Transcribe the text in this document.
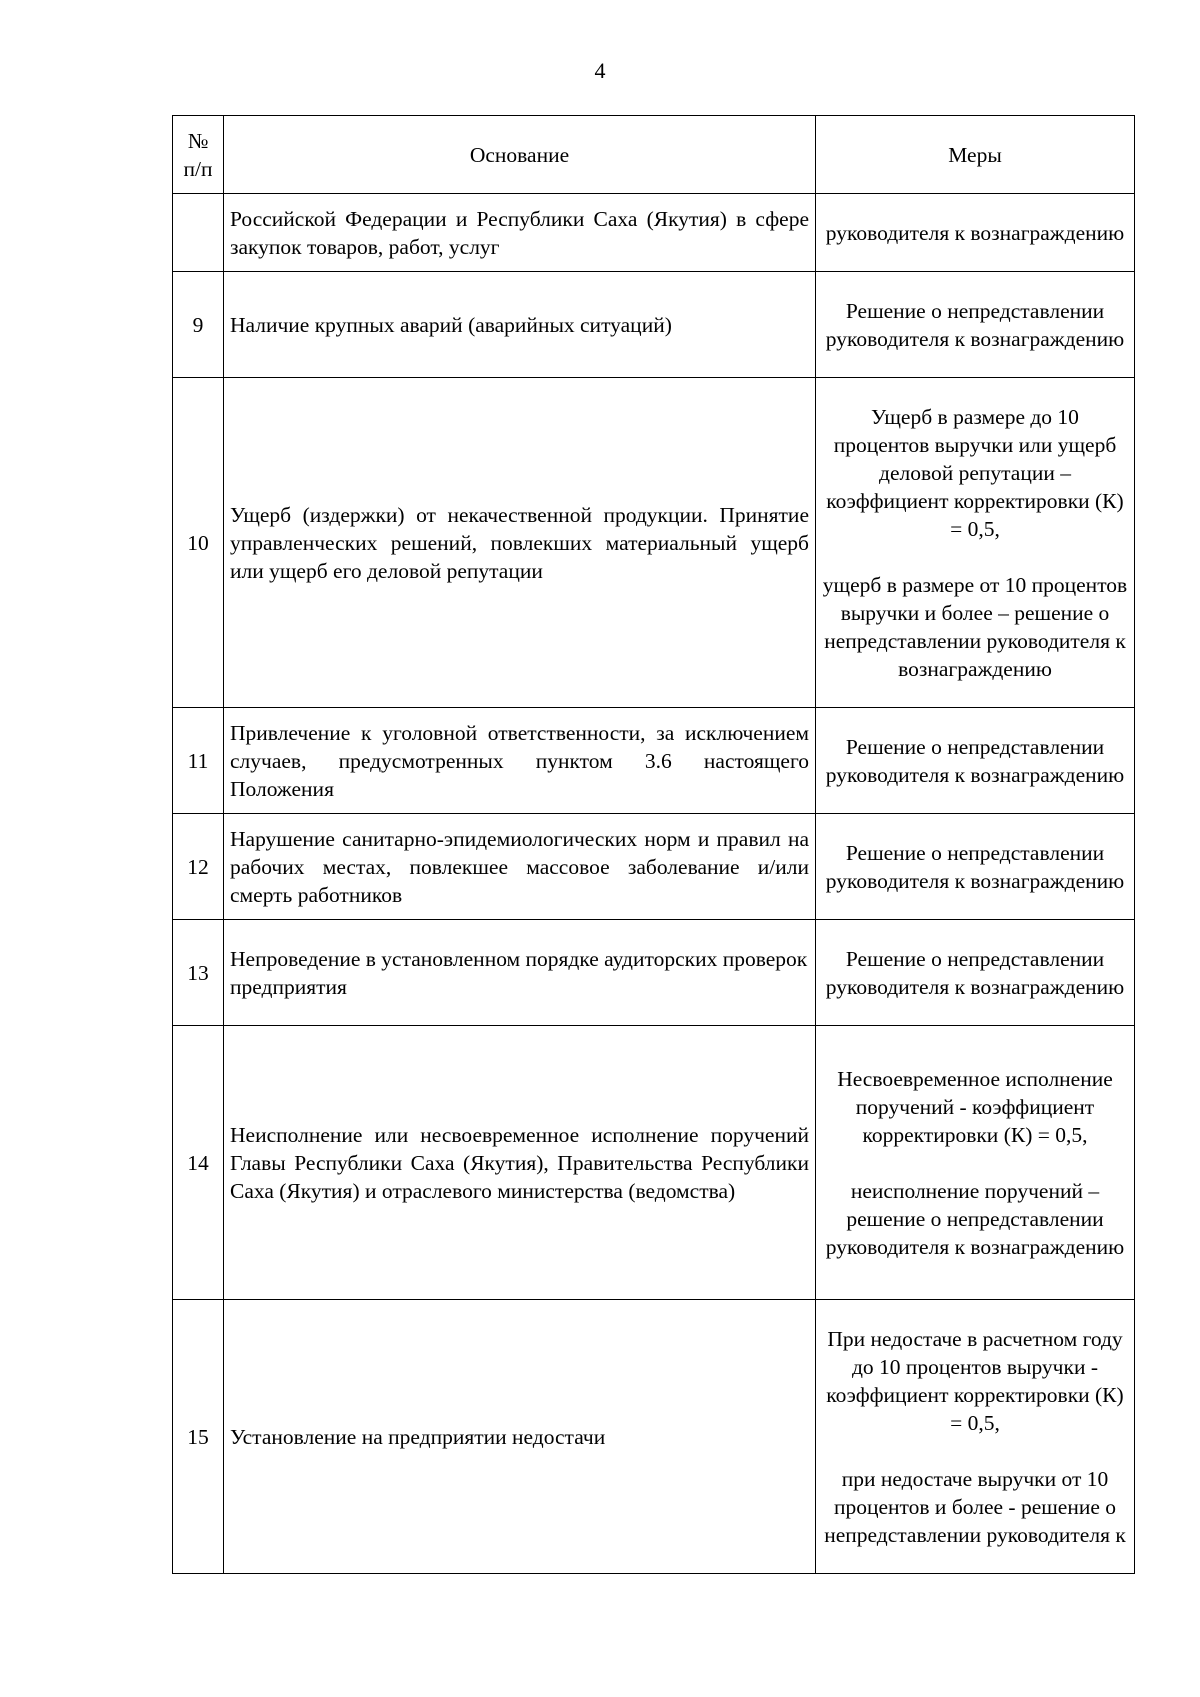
4
№ п/п	Основание	Меры
	Российской Федерации и Республики Саха (Якутия) в сфере закупок товаров, работ, услуг	руководителя к вознаграждению

9	Наличие крупных аварий (аварийных ситуаций)	Решение о непредставлении руководителя к вознаграждению

10	Ущерб (издержки) от некачественной продукции. Принятие управленческих решений, повлекших материальный ущерб или ущерб его деловой репутации	Ущерб в размере до 10 процентов выручки или ущерб деловой репутации – коэффициент корректировки (К) = 0,5,
ущерб в размере от 10 процентов выручки и более – решение о непредставлении руководителя к вознаграждению

11	Привлечение к уголовной ответственности, за исключением случаев, предусмотренных пунктом 3.6 настоящего Положения	Решение о непредставлении руководителя к вознаграждению

12	Нарушение санитарно-эпидемиологических норм и правил на рабочих местах, повлекшее массовое заболевание и/или смерть работников	Решение о непредставлении руководителя к вознаграждению

13	Непроведение в установленном порядке аудиторских проверок предприятия	Решение о непредставлении руководителя к вознаграждению

14	Неисполнение или несвоевременное исполнение поручений Главы Республики Саха (Якутия), Правительства Республики Саха (Якутия) и отраслевого министерства (ведомства)	Несвоевременное исполнение поручений - коэффициент корректировки (К) = 0,5,
неисполнение поручений – решение о непредставлении руководителя к вознаграждению

15	Установление на предприятии недостачи	При недостаче в расчетном году до 10 процентов выручки - коэффициент корректировки (К) = 0,5,
при недостаче выручки от 10 процентов и более - решение о непредставлении руководителя к
